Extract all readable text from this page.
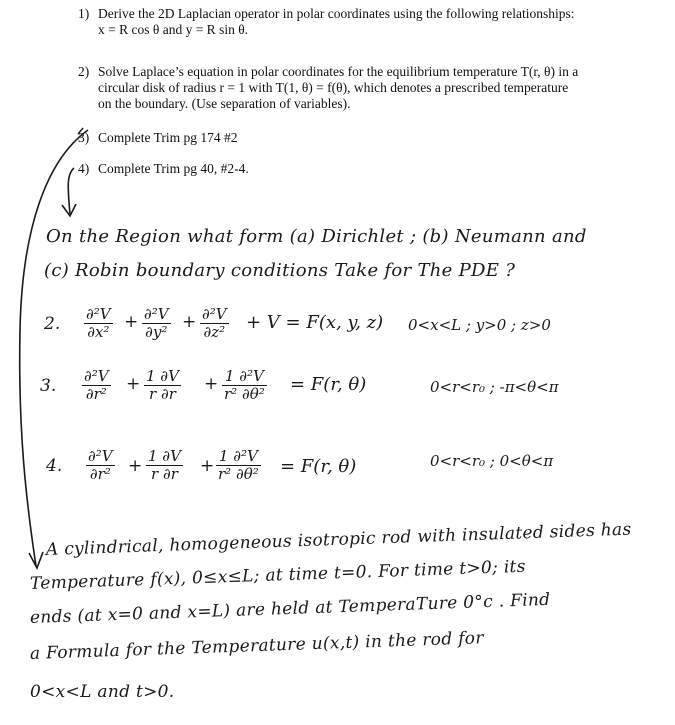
1) Derive the 2D Laplacian operator in polar coordinates using the following relationships:
x = R cos θ and y = R sin θ.
2) Solve Laplace’s equation in polar coordinates for the equilibrium temperature T(r, θ) in a
circular disk of radius r = 1 with T(1, θ) = f(θ), which denotes a prescribed temperature
on the boundary. (Use separation of variables).
3) Complete Trim pg 174 #2
4) Complete Trim pg 40, #2-4.
On the Region what form (a) Dirichlet ; (b) Neumann and
(c) Robin boundary conditions Take for The PDE ?
2. ∂²V
∂x² + ∂²V
∂y² + ∂²V
∂z² + V = F(x, y, z) 0<x<L ; y>0 ; z>0
3. ∂²V
∂r² + 1 ∂V
r ∂r + 1 ∂²V
r² ∂θ² = F(r, θ)	0<r<r₀ ; -π<θ<π
4. ∂²V
∂r² + 1 ∂V
r ∂r + 1 ∂²V
r² ∂θ² = F(r, θ)	0<r<r₀ ; 0<θ<π
A cylindrical, homogeneous isotropic rod with insulated sides has
Temperature f(x), 0≤x≤L; at time t=0. For time t>0; its
ends (at x=0 and x=L) are held at TemperaTure 0°c . Find
a Formula for the Temperature u(x,t) in the rod for
0<x<L and t>0.
